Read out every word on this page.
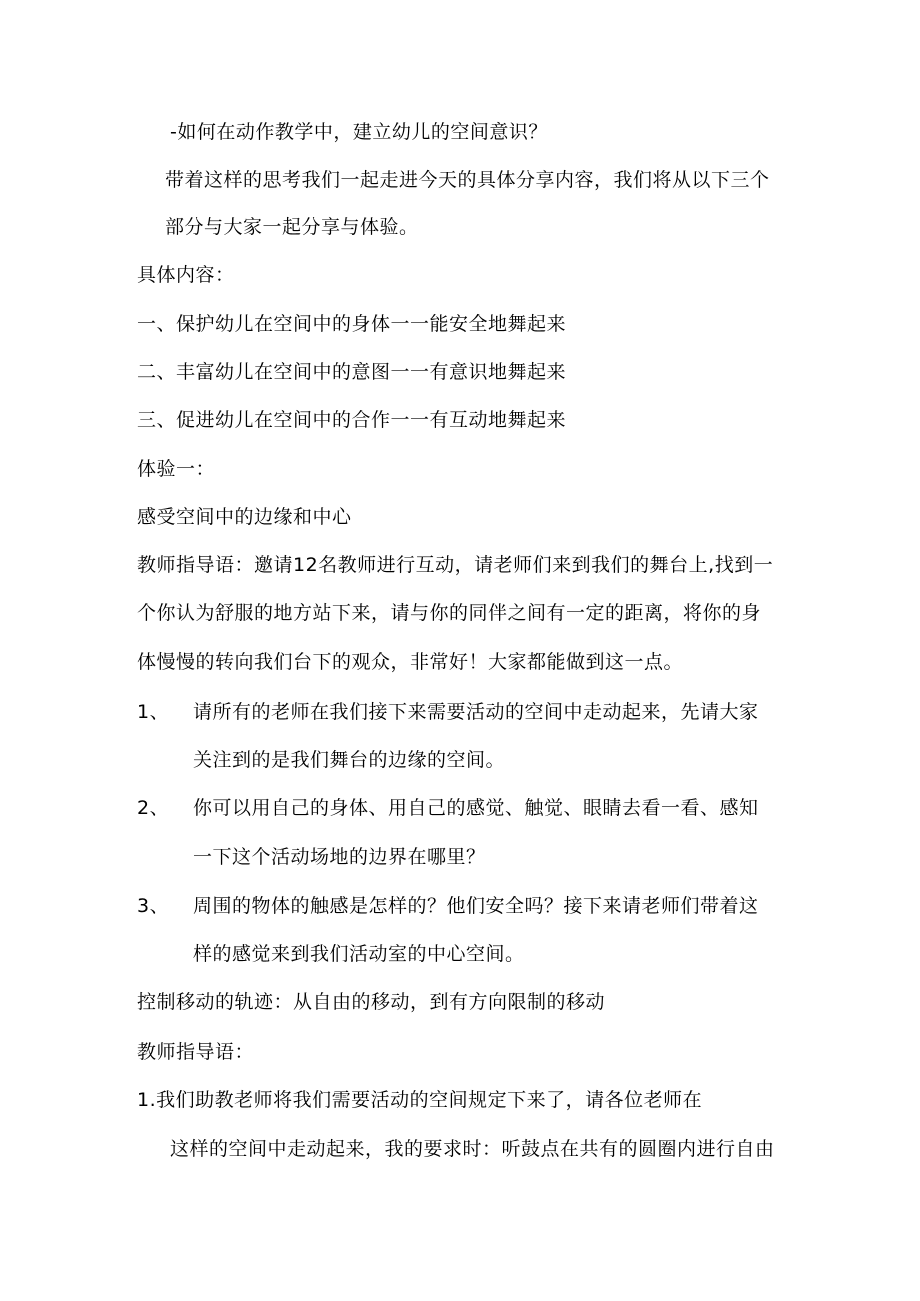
-如何在动作教学中，建立幼儿的空间意识？
带着这样的思考我们一起走进今天的具体分享内容，我们将从以下三个
部分与大家一起分享与体验。
具体内容：
一、保护幼儿在空间中的身体一一能安全地舞起来
二、丰富幼儿在空间中的意图一一有意识地舞起来
三、促进幼儿在空间中的合作一一有互动地舞起来
体验一：
感受空间中的边缘和中心
教师指导语：邀请12名教师进行互动，请老师们来到我们的舞台上,找到一
个你认为舒服的地方站下来，请与你的同伴之间有一定的距离，将你的身
体慢慢的转向我们台下的观众，非常好！大家都能做到这一点。
1、 请所有的老师在我们接下来需要活动的空间中走动起来，先请大家
关注到的是我们舞台的边缘的空间。
2、 你可以用自己的身体、用自己的感觉、触觉、眼睛去看一看、感知
一下这个活动场地的边界在哪里？
3、 周围的物体的触感是怎样的？他们安全吗？接下来请老师们带着这
样的感觉来到我们活动室的中心空间。
控制移动的轨迹：从自由的移动，到有方向限制的移动
教师指导语：
1.我们助教老师将我们需要活动的空间规定下来了，请各位老师在
这样的空间中走动起来，我的要求时：听鼓点在共有的圆圈内进行自由
